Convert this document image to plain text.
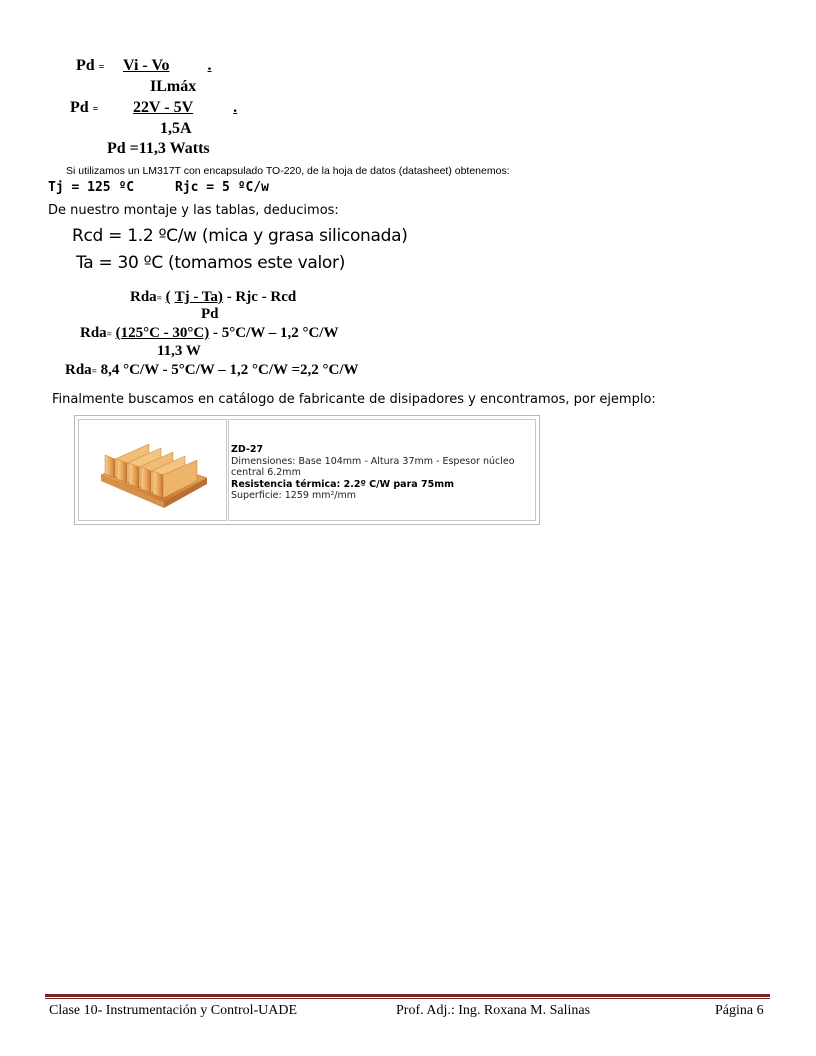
Pd =	Vi - Vo .
ILmáx
Pd =	22V - 5V	.
1,5A
Pd =11,3 Watts
Si utilizamos un LM317T con encapsulado TO-220, de la hoja de datos (datasheet) obtenemos:
Tj = 125 ºC	Rjc = 5 ºC/w
De nuestro montaje y las tablas, deducimos:
Rcd = 1.2 ºC/w (mica y grasa siliconada)
Ta = 30 ºC (tomamos este valor)
Rda= ( Tj - Ta) - Rjc - Rcd
Pd
Rda= (125°C - 30°C) - 5°C/W – 1,2 °C/W
11,3 W
Rda= 8,4 °C/W - 5°C/W – 1,2 °C/W =2,2 °C/W
Finalmente buscamos en catálogo de fabricante de disipadores y encontramos, por ejemplo:
ZD-27
Dimensiones: Base 104mm - Altura 37mm - Espesor núcleo central 6.2mm
Resistencia térmica: 2.2º C/W para 75mm
Superficie: 1259 mm²/mm
Clase 10- Instrumentación y Control-UADE	Prof. Adj.: Ing. Roxana M. Salinas	Página 6
